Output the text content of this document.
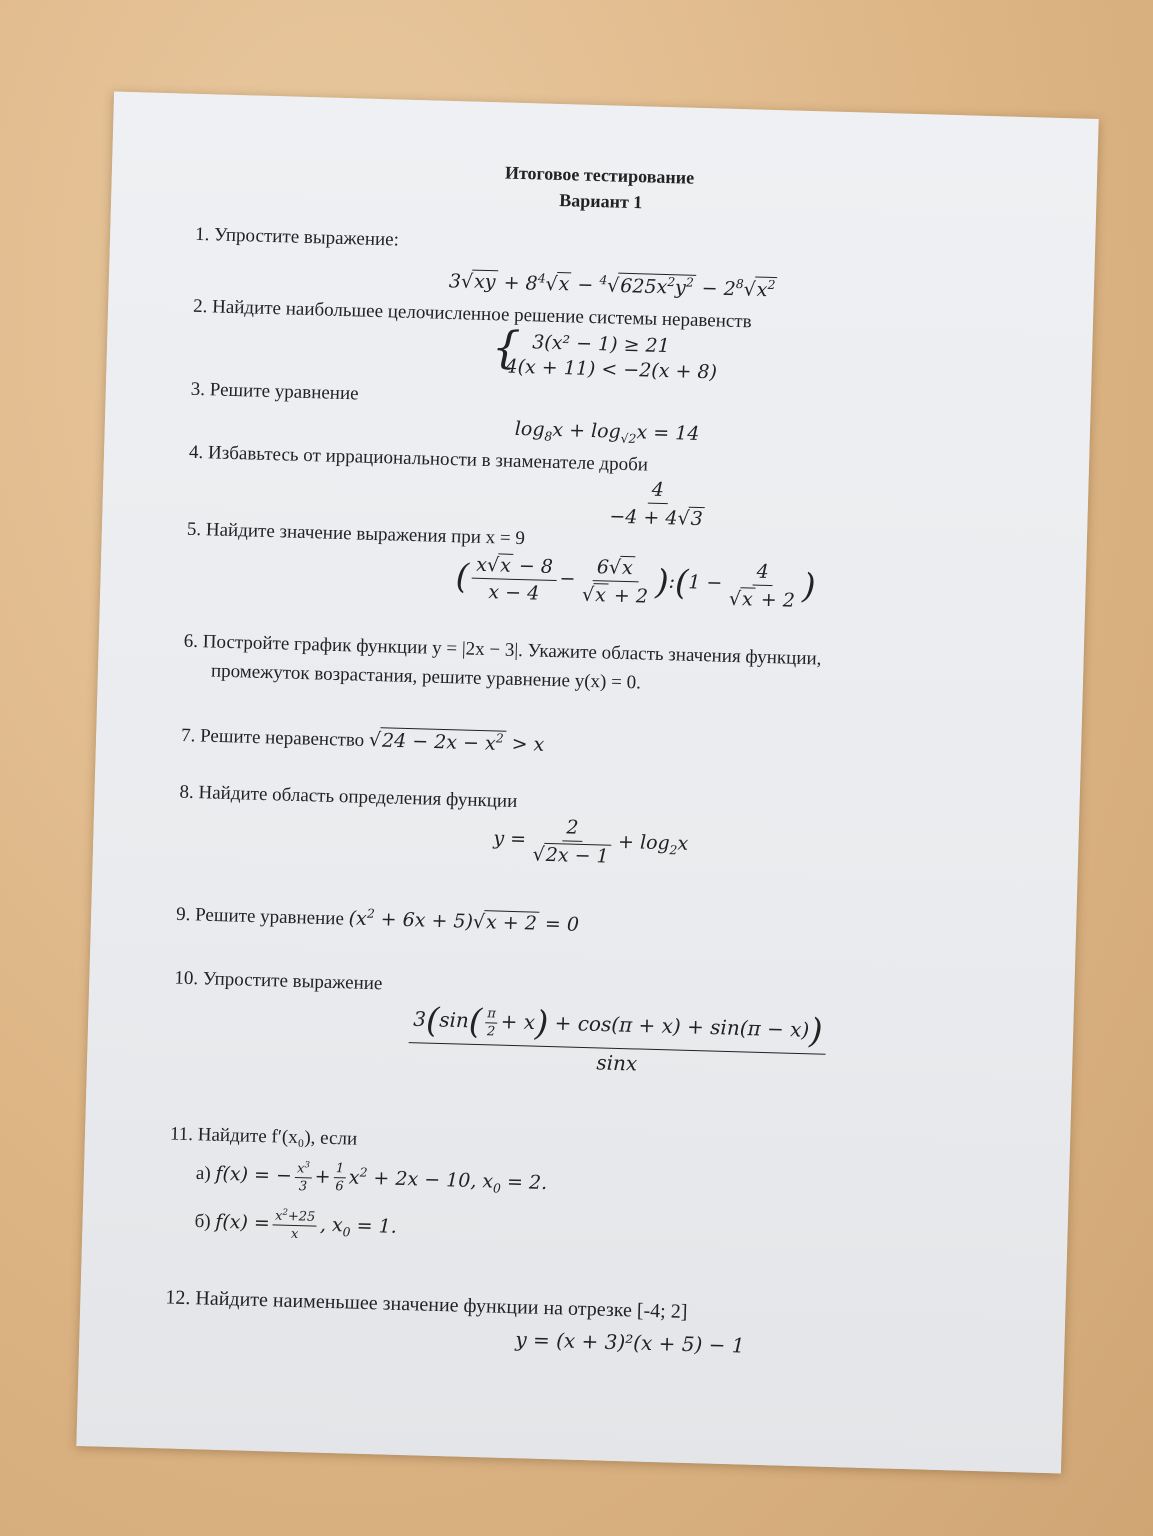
Итоговое тестирование
Вариант 1
1. Упростите выражение:
$3√xy + 8^4√x - ^4√625x^2y^2 - 2^8√x^2$
2. Найдите наибольшее целочисленное решение системы неравенств
{ 3(x² − 1) ≥ 21
4(x + 11) < −2(x + 8)
3. Решите уравнение
$\log_8x + \log_{√2}x = 14$
4. Избавьтесь от иррациональности в знаменателе дроби
$\frac{4}{-4 + 4√3}$
5. Найдите значение выражения при x = 9
( $\frac{x√x - 8}{x - 4} - \frac{6√x}{√x + 2}$ ):(1 − $\frac{4}{√x + 2}$ )
6. Постройте график функции y = |2x − 3|. Укажите область значения функции,
промежуток возрастания, решите уравнение y(x) = 0.
7. Решите неравенство $√24 - 2x - x^2 > x$
8. Найдите область определения функции
$y = \frac{2}{√2x - 1} + \log_2x$
9. Решите уравнение $(x^2 + 6x + 5)√x + 2 = 0$
10. Упростите выражение
$\frac{3(\sin( \frac{\pi}{2} + x) + \cos(\pi + x) + \sin(\pi - x))}{\sin x}$
11. Найдите f′(x₀), если
а) f(x) = − $\frac{x^3}{3} + \frac{1}{6} x^2 + 2x - 10$, $x_0 = 2$.
б) $f(x) = \frac{x^2+25}{x}$ , $x_0 = 1$.
12. Найдите наименьшее значение функции на отрезке [-4; 2]
y = (x + 3)²(x + 5) − 1
